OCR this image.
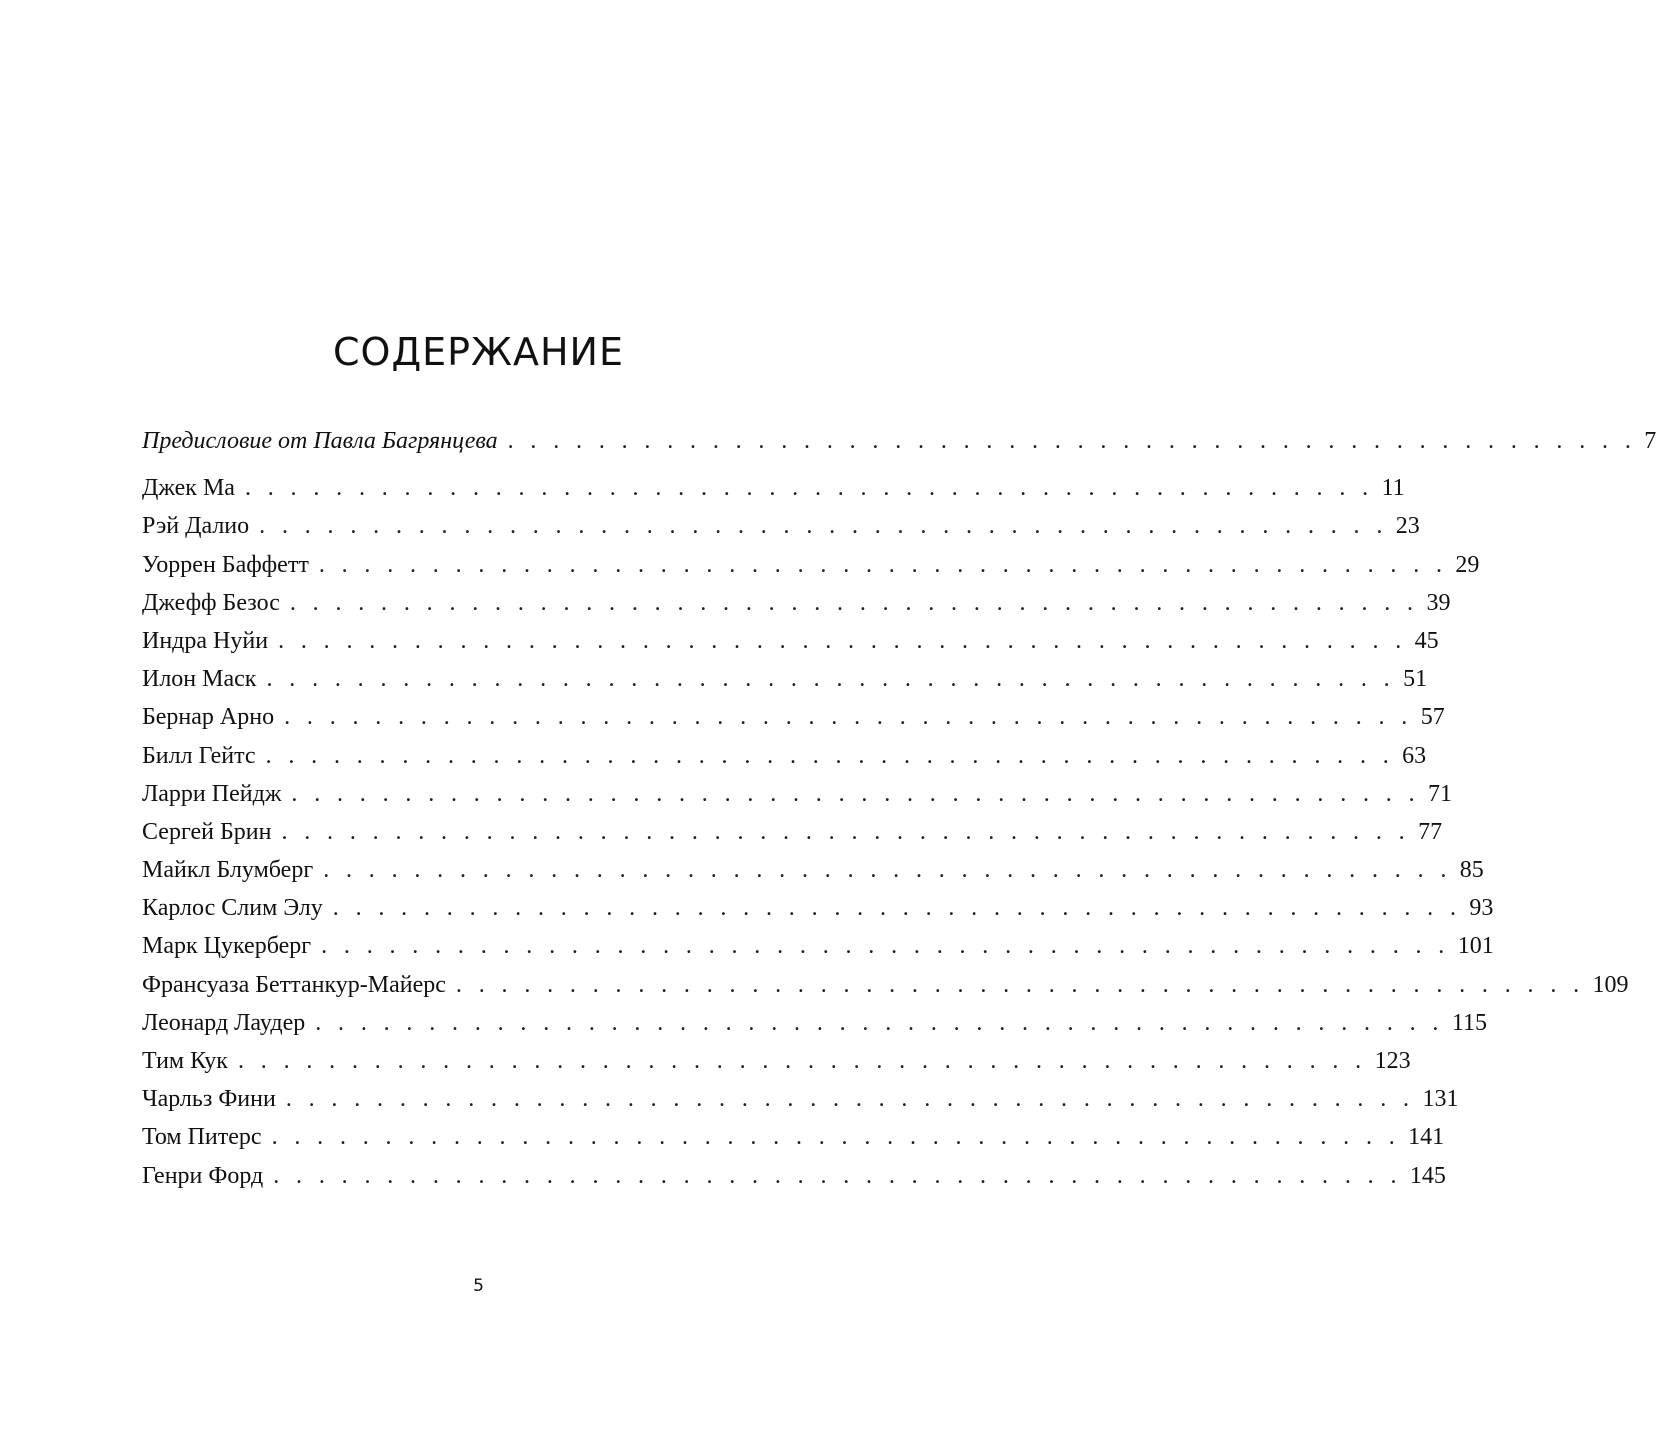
СОДЕРЖАНИЕ
Предисловие от Павла Багрянцева . . . . . . . . . . . . . . . . . . . . . . . . . . . . . . . . . . . . . . . . . . . . . . . . . . 7
Джек Ма . . . . . . . . . . . . . . . . . . . . . . . . . . . . . . . . . . . . . . . . . . . . . . . . . . 11
Рэй Далио . . . . . . . . . . . . . . . . . . . . . . . . . . . . . . . . . . . . . . . . . . . . . . . . . . 23
Уоррен Баффетт . . . . . . . . . . . . . . . . . . . . . . . . . . . . . . . . . . . . . . . . . . . . . . . . . . 29
Джефф Безос . . . . . . . . . . . . . . . . . . . . . . . . . . . . . . . . . . . . . . . . . . . . . . . . . . 39
Индра Нуйи . . . . . . . . . . . . . . . . . . . . . . . . . . . . . . . . . . . . . . . . . . . . . . . . . . 45
Илон Маск . . . . . . . . . . . . . . . . . . . . . . . . . . . . . . . . . . . . . . . . . . . . . . . . . . 51
Бернар Арно . . . . . . . . . . . . . . . . . . . . . . . . . . . . . . . . . . . . . . . . . . . . . . . . . . 57
Билл Гейтс . . . . . . . . . . . . . . . . . . . . . . . . . . . . . . . . . . . . . . . . . . . . . . . . . . 63
Ларри Пейдж . . . . . . . . . . . . . . . . . . . . . . . . . . . . . . . . . . . . . . . . . . . . . . . . . . 71
Сергей Брин . . . . . . . . . . . . . . . . . . . . . . . . . . . . . . . . . . . . . . . . . . . . . . . . . . 77
Майкл Блумберг . . . . . . . . . . . . . . . . . . . . . . . . . . . . . . . . . . . . . . . . . . . . . . . . . . 85
Карлос Слим Элу . . . . . . . . . . . . . . . . . . . . . . . . . . . . . . . . . . . . . . . . . . . . . . . . . . 93
Марк Цукерберг . . . . . . . . . . . . . . . . . . . . . . . . . . . . . . . . . . . . . . . . . . . . . . . . . . 101
Франсуаза Беттанкур-Майерс . . . . . . . . . . . . . . . . . . . . . . . . . . . . . . . . . . . . . . . . . . . . . . . . . . 109
Леонард Лаудер . . . . . . . . . . . . . . . . . . . . . . . . . . . . . . . . . . . . . . . . . . . . . . . . . . 115
Тим Кук . . . . . . . . . . . . . . . . . . . . . . . . . . . . . . . . . . . . . . . . . . . . . . . . . . 123
Чарльз Фини . . . . . . . . . . . . . . . . . . . . . . . . . . . . . . . . . . . . . . . . . . . . . . . . . . 131
Том Питерс . . . . . . . . . . . . . . . . . . . . . . . . . . . . . . . . . . . . . . . . . . . . . . . . . . 141
Генри Форд . . . . . . . . . . . . . . . . . . . . . . . . . . . . . . . . . . . . . . . . . . . . . . . . . . 145
5
